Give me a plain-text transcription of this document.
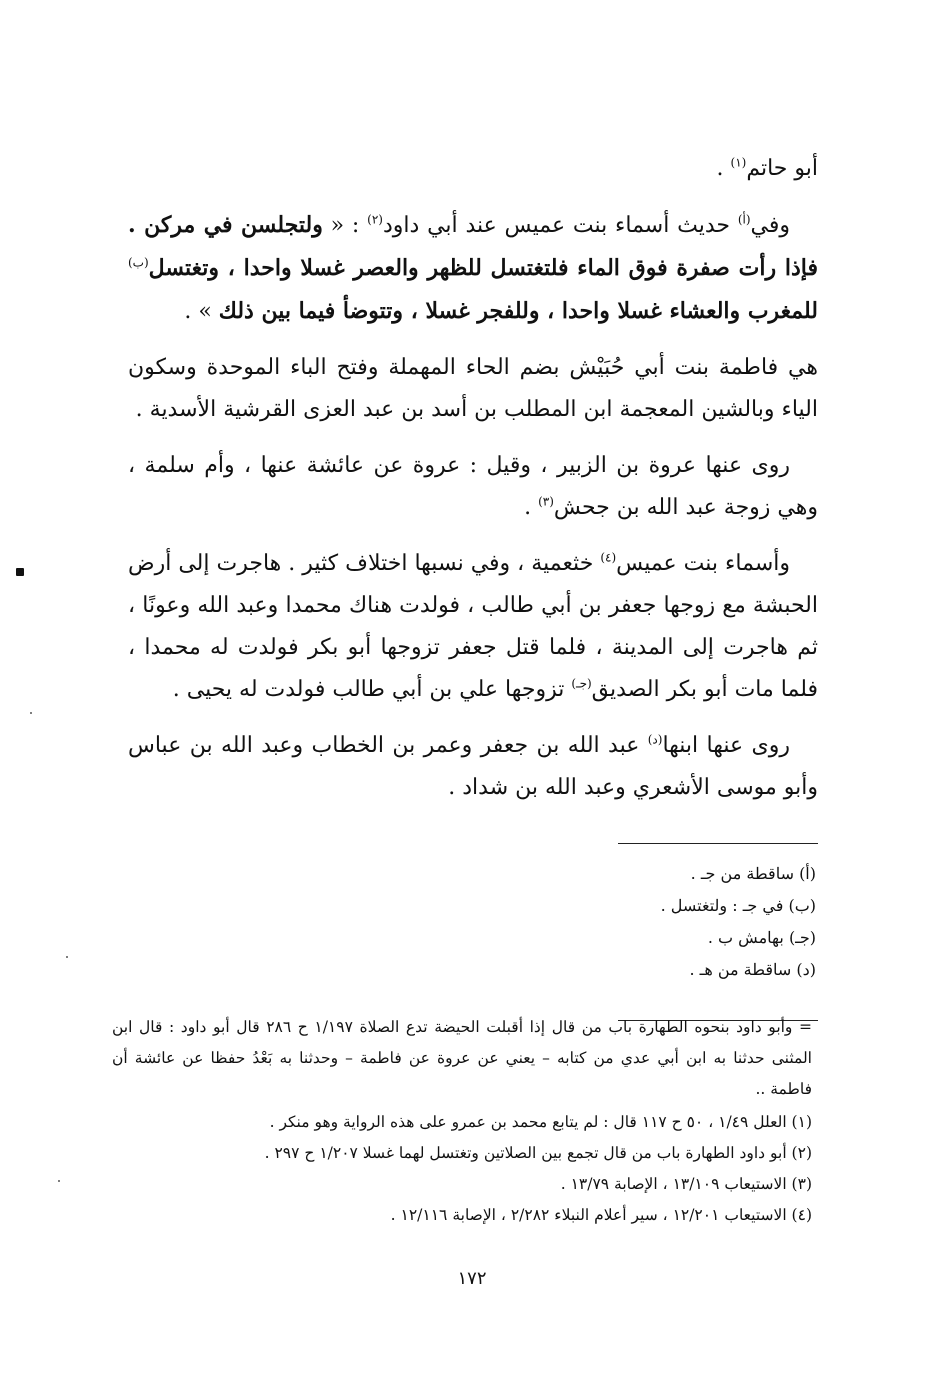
أبو حاتم$^{(١)}$ .

وفي$^{(أ)}$ حديث أسماء بنت عميس عند أبي داود$^{(٢)}$ : « ولتجلسن في مركن . فإذا رأت صفرة فوق الماء فلتغتسل للظهر والعصر غسلا واحدا ، وتغتسل$^{(ب)}$ للمغرب والعشاء غسلا واحدا ، وللفجر غسلا ، وتتوضأ فيما بين ذلك » .

هي فاطمة بنت أبي حُبَيْش بضم الحاء المهملة وفتح الباء الموحدة وسكون الياء وبالشين المعجمة ابن المطلب بن أسد بن عبد العزى القرشية الأسدية .

روى عنها عروة بن الزبير ، وقيل : عروة عن عائشة عنها ، وأم سلمة ، وهي زوجة عبد الله بن جحش$^{(٣)}$ .

وأسماء بنت عميس$^{(٤)}$ خثعمية ، وفي نسبها اختلاف كثير . هاجرت إلى أرض الحبشة مع زوجها جعفر بن أبي طالب ، فولدت هناك محمدا وعبد الله وعونًا ، ثم هاجرت إلى المدينة ، فلما قتل جعفر تزوجها أبو بكر فولدت له محمدا ، فلما مات أبو بكر الصديق$^{(جـ)}$ تزوجها علي بن أبي طالب فولدت له يحيى .

روى عنها ابنها$^{(د)}$ عبد الله بن جعفر وعمر بن الخطاب وعبد الله بن عباس وأبو موسى الأشعري وعبد الله بن شداد .

(أ) ساقطة من جـ .
(ب) في جـ : ولتغتسل .
(جـ) بهامش ب .
(د) ساقطة من هـ .
= وأبو داود بنحوه الطهارة باب من قال إذا أقبلت الحيضة تدع الصلاة ١/١٩٧ ح ٢٨٦ قال أبو داود : قال ابن المثنى حدثنا به ابن أبي عدي من كتابه – يعني عن عروة عن فاطمة – وحدثنا به بَعْدُ حفظا عن عائشة أن فاطمة ..
(١) العلل ١/٤٩ ، ٥٠ ح ١١٧ قال : لم يتابع محمد بن عمرو على هذه الرواية وهو منكر .
(٢) أبو داود الطهارة باب من قال تجمع بين الصلاتين وتغتسل لهما غسلا ١/٢٠٧ ح ٢٩٧ .
(٣) الاستيعاب ١٣/١٠٩ ، الإصابة ١٣/٧٩ .
(٤) الاستيعاب ١٢/٢٠١ ، سير أعلام النبلاء ٢/٢٨٢ ، الإصابة ١٢/١١٦ .
١٧٢
